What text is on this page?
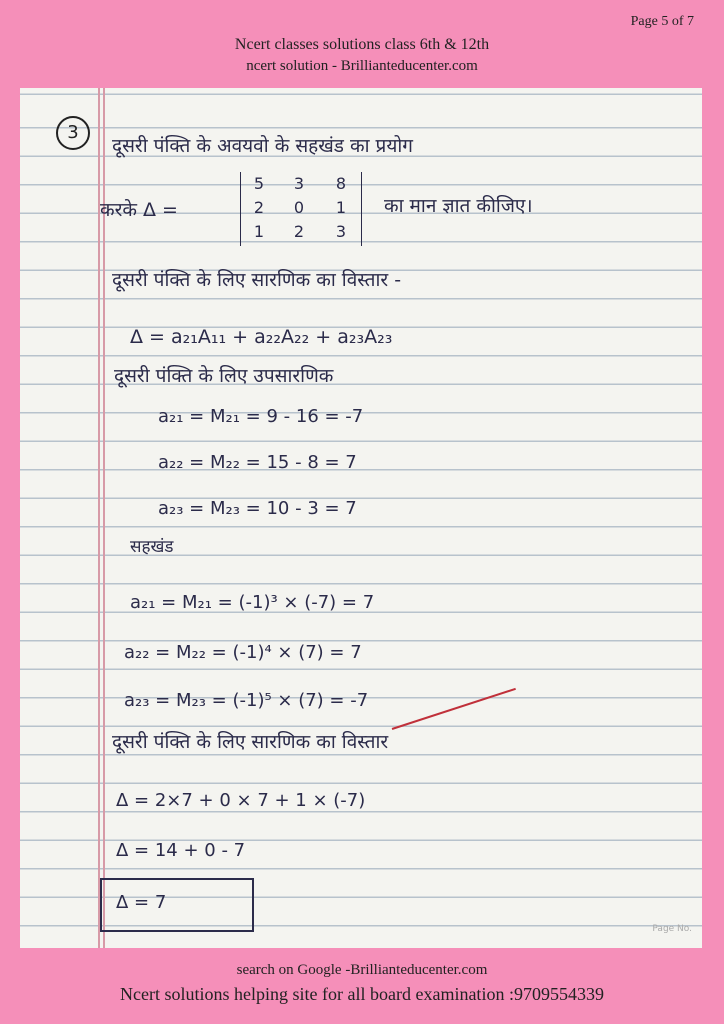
Page 5 of 7
Ncert classes solutions class 6th & 12th
ncert solution - Brillianteducenter.com
3
दूसरी पंक्ति के अवयवो के सहखंड का प्रयोग
करके Δ =
5	3	8
2	0	1
1	2	3
का मान ज्ञात कीजिए।
दूसरी पंक्ति के लिए सारणिक का विस्तार -
Δ = a₂₁A₁₁ + a₂₂A₂₂ + a₂₃A₂₃
दूसरी पंक्ति के लिए उपसारणिक
a₂₁ = M₂₁ = 9 - 16 = -7
a₂₂ = M₂₂ = 15 - 8 = 7
a₂₃ = M₂₃ = 10 - 3 = 7
सहखंड
a₂₁ = M₂₁ = (-1)³ × (-7) = 7
a₂₂ = M₂₂ = (-1)⁴ × (7) = 7
a₂₃ = M₂₃ = (-1)⁵ × (7) = -7
दूसरी पंक्ति के लिए सारणिक का विस्तार
Δ = 2×7 + 0 × 7 + 1 × (-7)
Δ = 14 + 0 - 7
Δ = 7
Page No.
search on Google -Brillianteducenter.com
Ncert solutions helping site for all board examination :9709554339
